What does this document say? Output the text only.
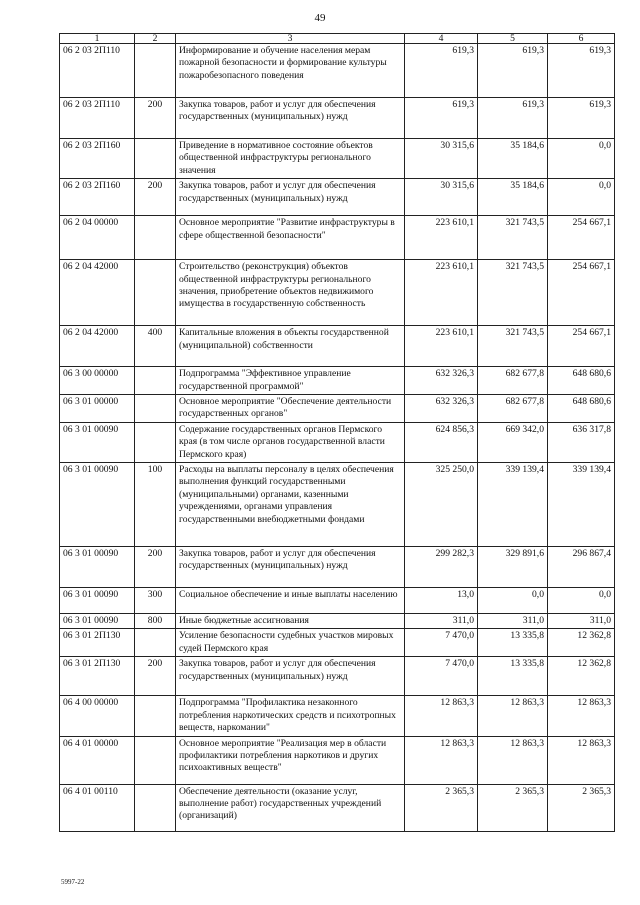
49
1	2	3	4	5	6
06 2 03 2П110		Информирование и обучение населения мерам пожарной безопасности и формирование культуры пожаробезопасного поведения	619,3	619,3	619,3
06 2 03 2П110	200	Закупка товаров, работ и услуг для обеспечения государственных (муниципальных) нужд	619,3	619,3	619,3
06 2 03 2П160		Приведение в нормативное состояние объектов общественной инфраструктуры регионального значения	30 315,6	35 184,6	0,0
06 2 03 2П160	200	Закупка товаров, работ и услуг для обеспечения государственных (муниципальных) нужд	30 315,6	35 184,6	0,0
06 2 04 00000		Основное мероприятие "Развитие инфраструктуры в сфере общественной безопасности"	223 610,1	321 743,5	254 667,1
06 2 04 42000		Строительство (реконструкция) объектов общественной инфраструктуры регионального значения, приобретение объектов недвижимого имущества в государственную собственность	223 610,1	321 743,5	254 667,1
06 2 04 42000	400	Капитальные вложения в объекты государственной (муниципальной) собственности	223 610,1	321 743,5	254 667,1
06 3 00 00000		Подпрограмма "Эффективное управление государственной программой"	632 326,3	682 677,8	648 680,6
06 3 01 00000		Основное мероприятие "Обеспечение деятельности государственных органов"	632 326,3	682 677,8	648 680,6
06 3 01 00090		Содержание государственных органов Пермского края (в том числе органов государственной власти Пермского края)	624 856,3	669 342,0	636 317,8
06 3 01 00090	100	Расходы на выплаты персоналу в целях обеспечения выполнения функций государственными (муниципальными) органами, казенными учреждениями, органами управления государственными внебюджетными фондами	325 250,0	339 139,4	339 139,4
06 3 01 00090	200	Закупка товаров, работ и услуг для обеспечения государственных (муниципальных) нужд	299 282,3	329 891,6	296 867,4
06 3 01 00090	300	Социальное обеспечение и иные выплаты населению	13,0	0,0	0,0
06 3 01 00090	800	Иные бюджетные ассигнования	311,0	311,0	311,0
06 3 01 2П130		Усиление безопасности судебных участков мировых судей Пермского края	7 470,0	13 335,8	12 362,8
06 3 01 2П130	200	Закупка товаров, работ и услуг для обеспечения государственных (муниципальных) нужд	7 470,0	13 335,8	12 362,8
06 4 00 00000		Подпрограмма "Профилактика незаконного потребления наркотических средств и психотропных веществ, наркомании"	12 863,3	12 863,3	12 863,3
06 4 01 00000		Основное мероприятие "Реализация мер в области профилактики потребления наркотиков и других психоактивных веществ"	12 863,3	12 863,3	12 863,3
06 4 01 00110		Обеспечение деятельности (оказание услуг, выполнение работ) государственных учреждений (организаций)	2 365,3	2 365,3	2 365,3
5997-22
